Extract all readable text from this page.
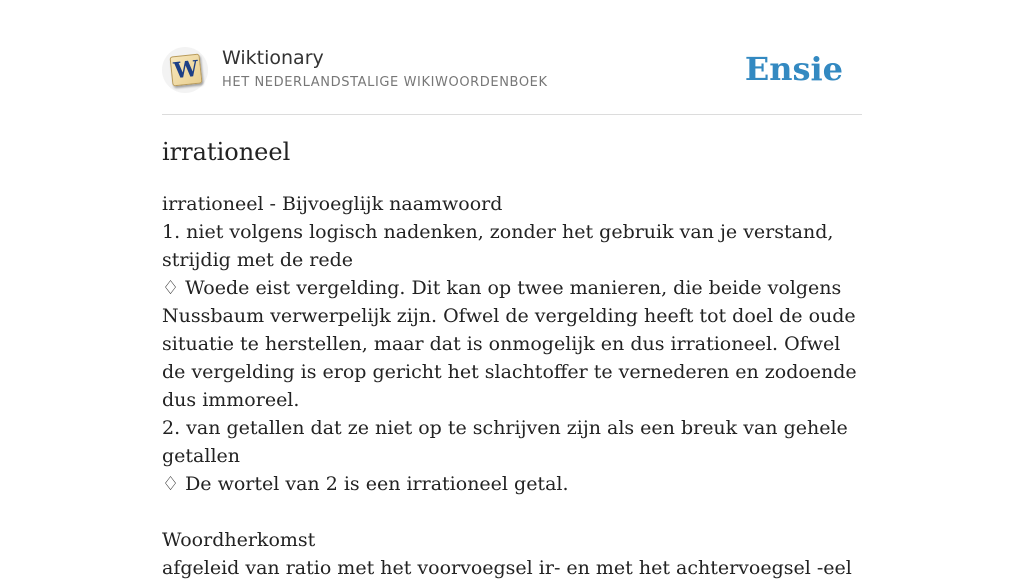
W Wiktionary
HET NEDERLANDSTALIGE WIKIWOORDENBOEK	Ensie
irrationeel
irrationeel - Bijvoeglijk naamwoord
1. niet volgens logisch nadenken, zonder het gebruik van je verstand, strijdig met de rede
♢ Woede eist vergelding. Dit kan op twee manieren, die beide volgens Nussbaum verwerpelijk zijn. Ofwel de vergelding heeft tot doel de oude situatie te herstellen, maar dat is onmogelijk en dus irrationeel. Ofwel de vergelding is erop gericht het slachtoffer te vernederen en zodoende dus immoreel.
2. van getallen dat ze niet op te schrijven zijn als een breuk van gehele getallen
♢ De wortel van 2 is een irrationeel getal.
Woordherkomst
afgeleid van ratio met het voorvoegsel ir- en met het achtervoegsel -eel
